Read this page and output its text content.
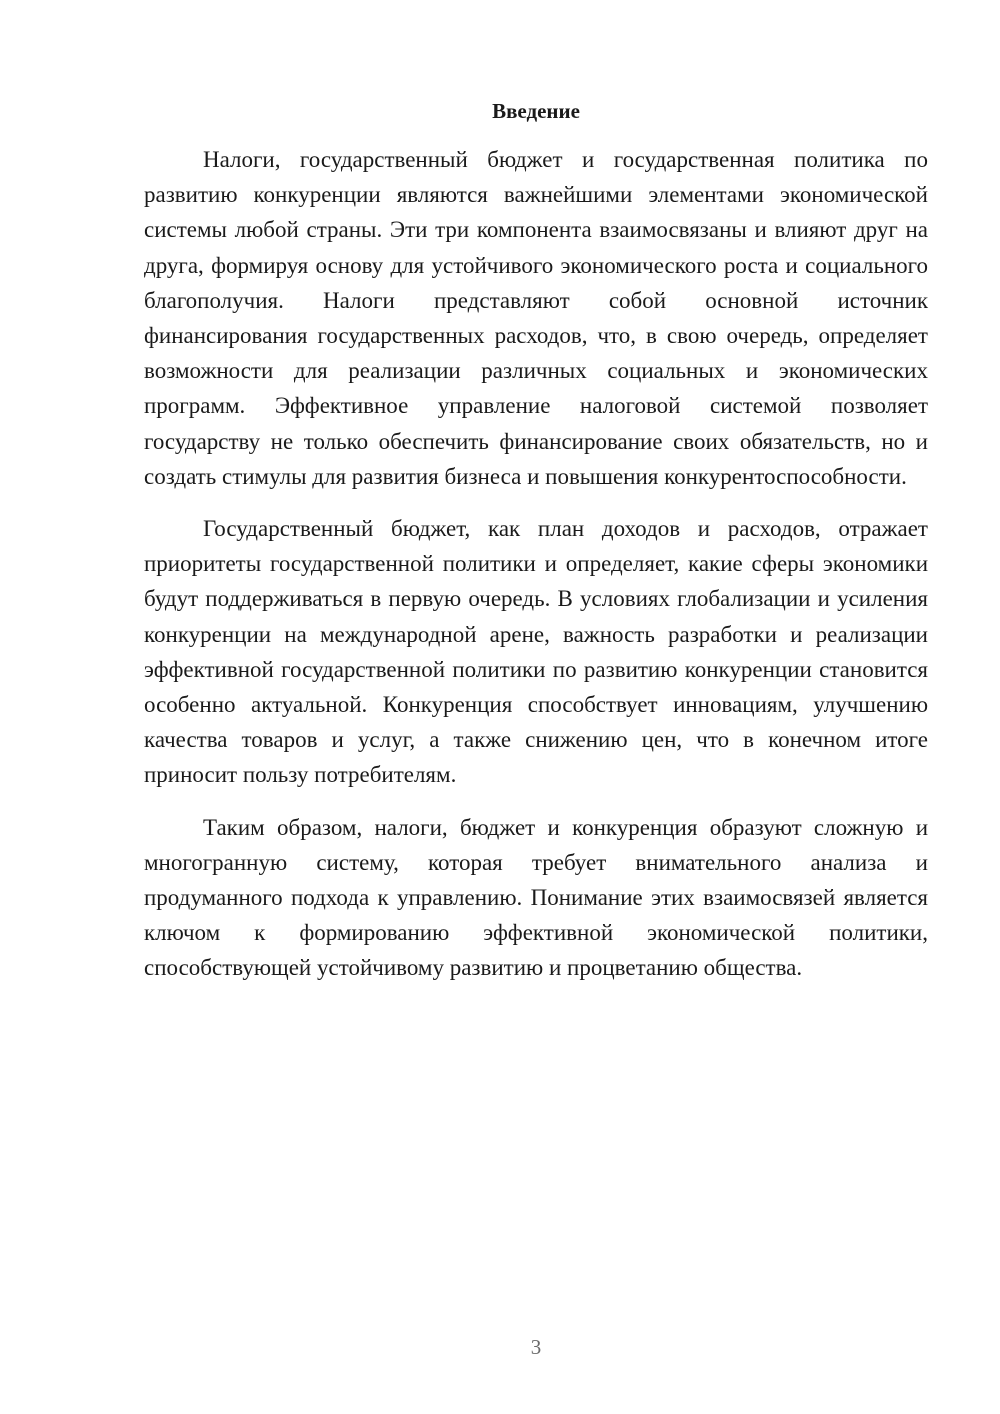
Введение

Налоги, государственный бюджет и государственная политика по развитию конкуренции являются важнейшими элементами экономической системы любой страны. Эти три компонента взаимосвязаны и влияют друг на друга, формируя основу для устойчивого экономического роста и социального благополучия. Налоги представляют собой основной источник финансирования государственных расходов, что, в свою очередь, определяет возможности для реализации различных социальных и экономических программ. Эффективное управление налоговой системой позволяет государству не только обеспечить финансирование своих обязательств, но и создать стимулы для развития бизнеса и повышения конкурентоспособности.

Государственный бюджет, как план доходов и расходов, отражает приоритеты государственной политики и определяет, какие сферы экономики будут поддерживаться в первую очередь. В условиях глобализации и усиления конкуренции на международной арене, важность разработки и реализации эффективной государственной политики по развитию конкуренции становится особенно актуальной. Конкуренция способствует инновациям, улучшению качества товаров и услуг, а также снижению цен, что в конечном итоге приносит пользу потребителям.

Таким образом, налоги, бюджет и конкуренция образуют сложную и многогранную систему, которая требует внимательного анализа и продуманного подхода к управлению. Понимание этих взаимосвязей является ключом к формированию эффективной экономической политики, способствующей устойчивому развитию и процветанию общества.

3
